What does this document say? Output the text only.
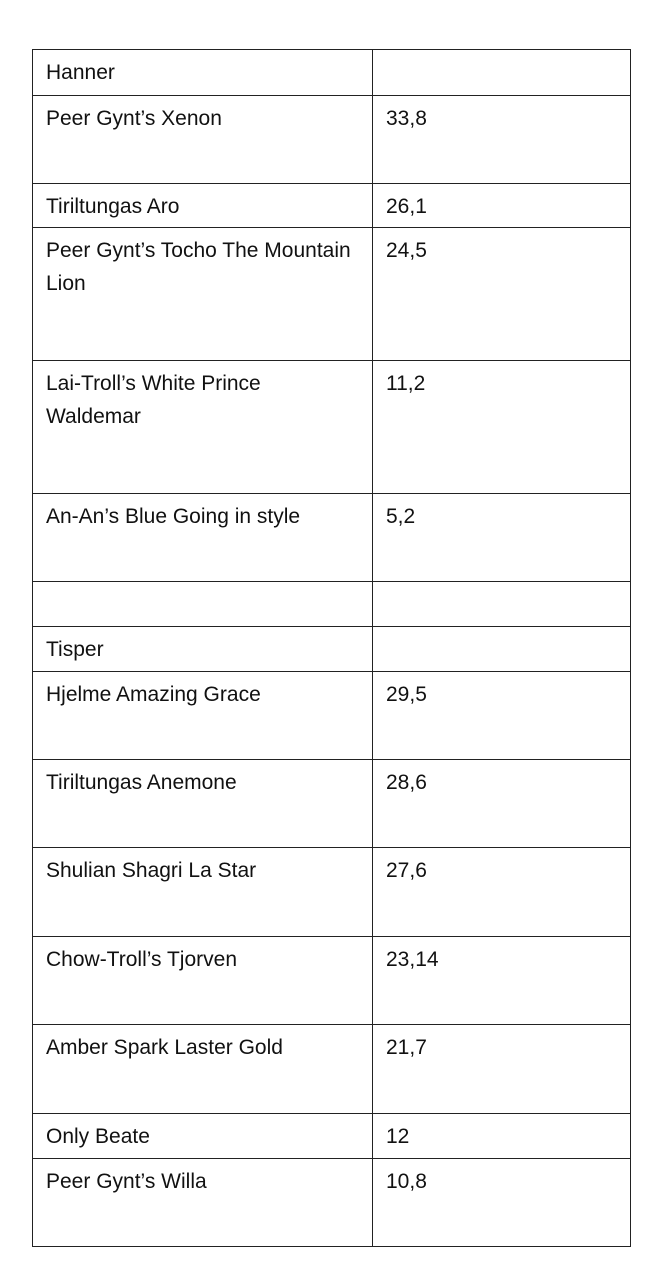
Hanner	
Peer Gynt’s Xenon	33,8
Tiriltungas Aro	26,1
Peer Gynt’s Tocho The Mountain Lion	24,5
Lai-Troll’s White Prince Waldemar	11,2
An-An’s Blue Going in style	5,2

Tisper	
Hjelme Amazing Grace	29,5
Tiriltungas Anemone	28,6
Shulian Shagri La Star	27,6
Chow-Troll’s Tjorven	23,14
Amber Spark Laster Gold	21,7
Only Beate	12
Peer Gynt’s Willa	10,8
